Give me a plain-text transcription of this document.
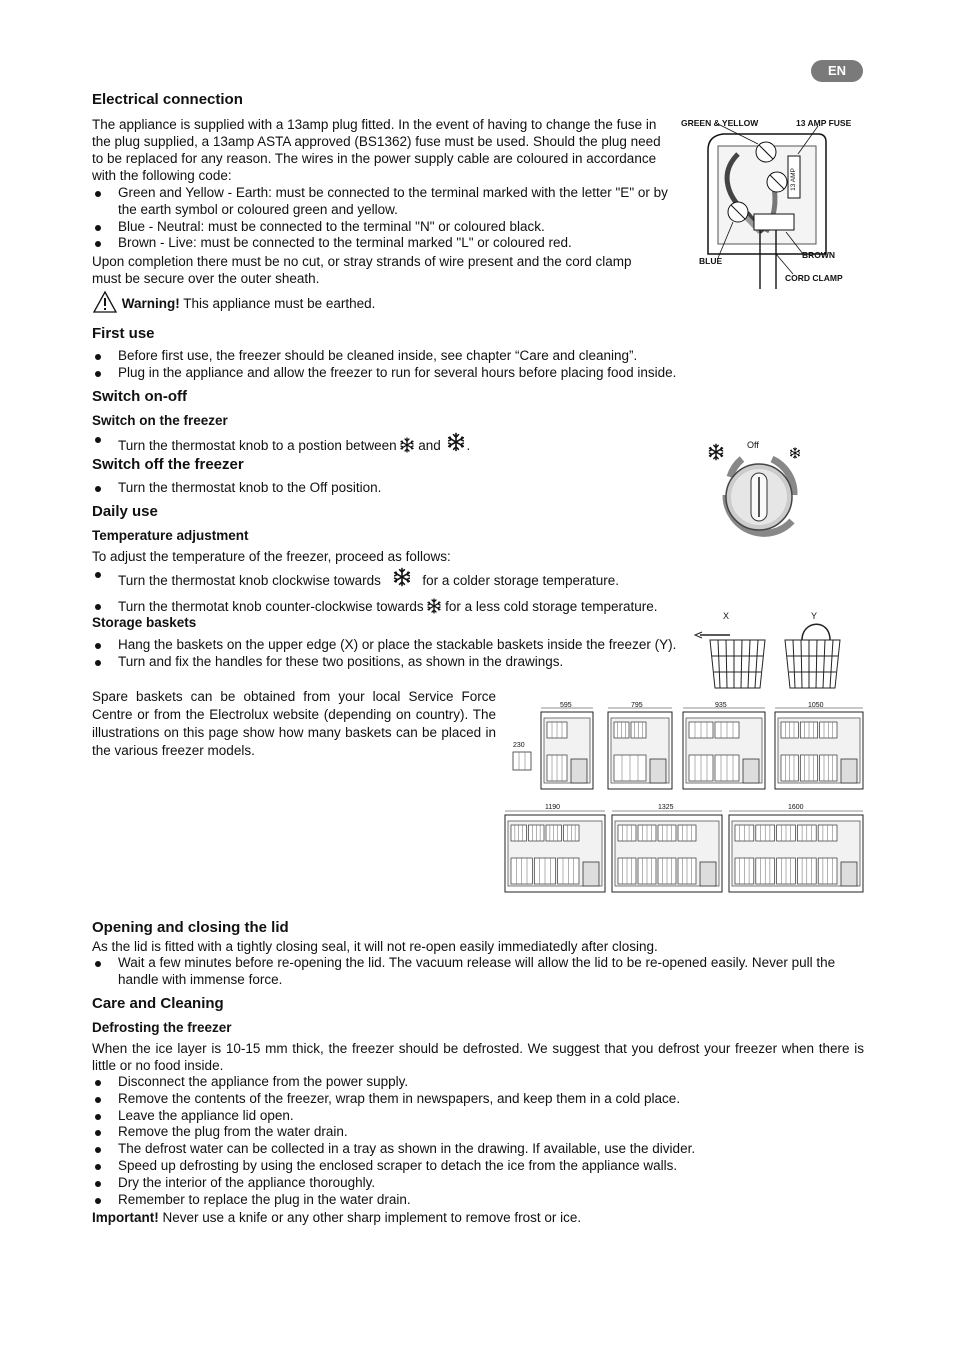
EN
Electrical connection

The appliance is supplied with a 13amp plug fitted. In the event of having to change the fuse in the plug supplied, a 13amp ASTA approved (BS1362) fuse must be used. Should the plug need to be replaced for any reason. The wires in the power supply cable are coloured in accordance with the following code:

Green and Yellow - Earth: must be connected to the terminal marked with the letter "E" or by the earth symbol or coloured green and yellow.
Blue - Neutral: must be connected to the terminal "N" or coloured black.
Brown - Live: must be connected to the terminal marked "L" or coloured red.

Upon completion there must be no cut, or stray strands of wire present and the cord clamp must be secure over the outer sheath.

Warning! This appliance must be earthed.
GREEN & YELLOW	13 AMP FUSE
13 AMP
BLUE
BROWN
CORD CLAMP
First use
Before first use, the freezer should be cleaned inside, see chapter “Care and cleaning”.
Plug in the appliance and allow the freezer to run for several hours before placing food inside.
Switch on-off
Switch on the freezer
Turn the thermostat knob to a postion between and .
Switch off the freezer
Turn the thermostat knob to the Off position.
Off
Daily use
Temperature adjustment

To adjust the temperature of the freezer, proceed as follows:

Turn the thermostat knob clockwise towards	for a colder storage temperature.
Turn the thermotat knob counter-clockwise towards for a less cold storage temperature.
Storage baskets
Hang the baskets on the upper edge (X) or place the stackable baskets inside the freezer (Y).
Turn and fix the handles for these two positions, as shown in the drawings.

Spare baskets can be obtained from your local Service Force Centre or from the Electrolux website (depending on country). The illustrations on this page show how many baskets can be placed in the various freezer models.

X	Y
230
595	795	935	1050
1190	1325	1600
Opening and closing the lid

As the lid is fitted with a tightly closing seal, it will not re-open easily immediatedly after closing.

Wait a few minutes before re-opening the lid. The vacuum release will allow the lid to be re-opened easily. Never pull the handle with immense force.
Care and Cleaning
Defrosting the freezer

When the ice layer is 10-15 mm thick, the freezer should be defrosted. We suggest that you defrost your freezer when there is little or no food inside.

Disconnect the appliance from the power supply.
Remove the contents of the freezer, wrap them in newspapers, and keep them in a cold place.
Leave the appliance lid open.
Remove the plug from the water drain.
The defrost water can be collected in a tray as shown in the drawing. If available, use the divider.
Speed up defrosting by using the enclosed scraper to detach the ice from the appliance walls.
Dry the interior of the appliance thoroughly.
Remember to replace the plug in the water drain.

Important! Never use a knife or any other sharp implement to remove frost or ice.
